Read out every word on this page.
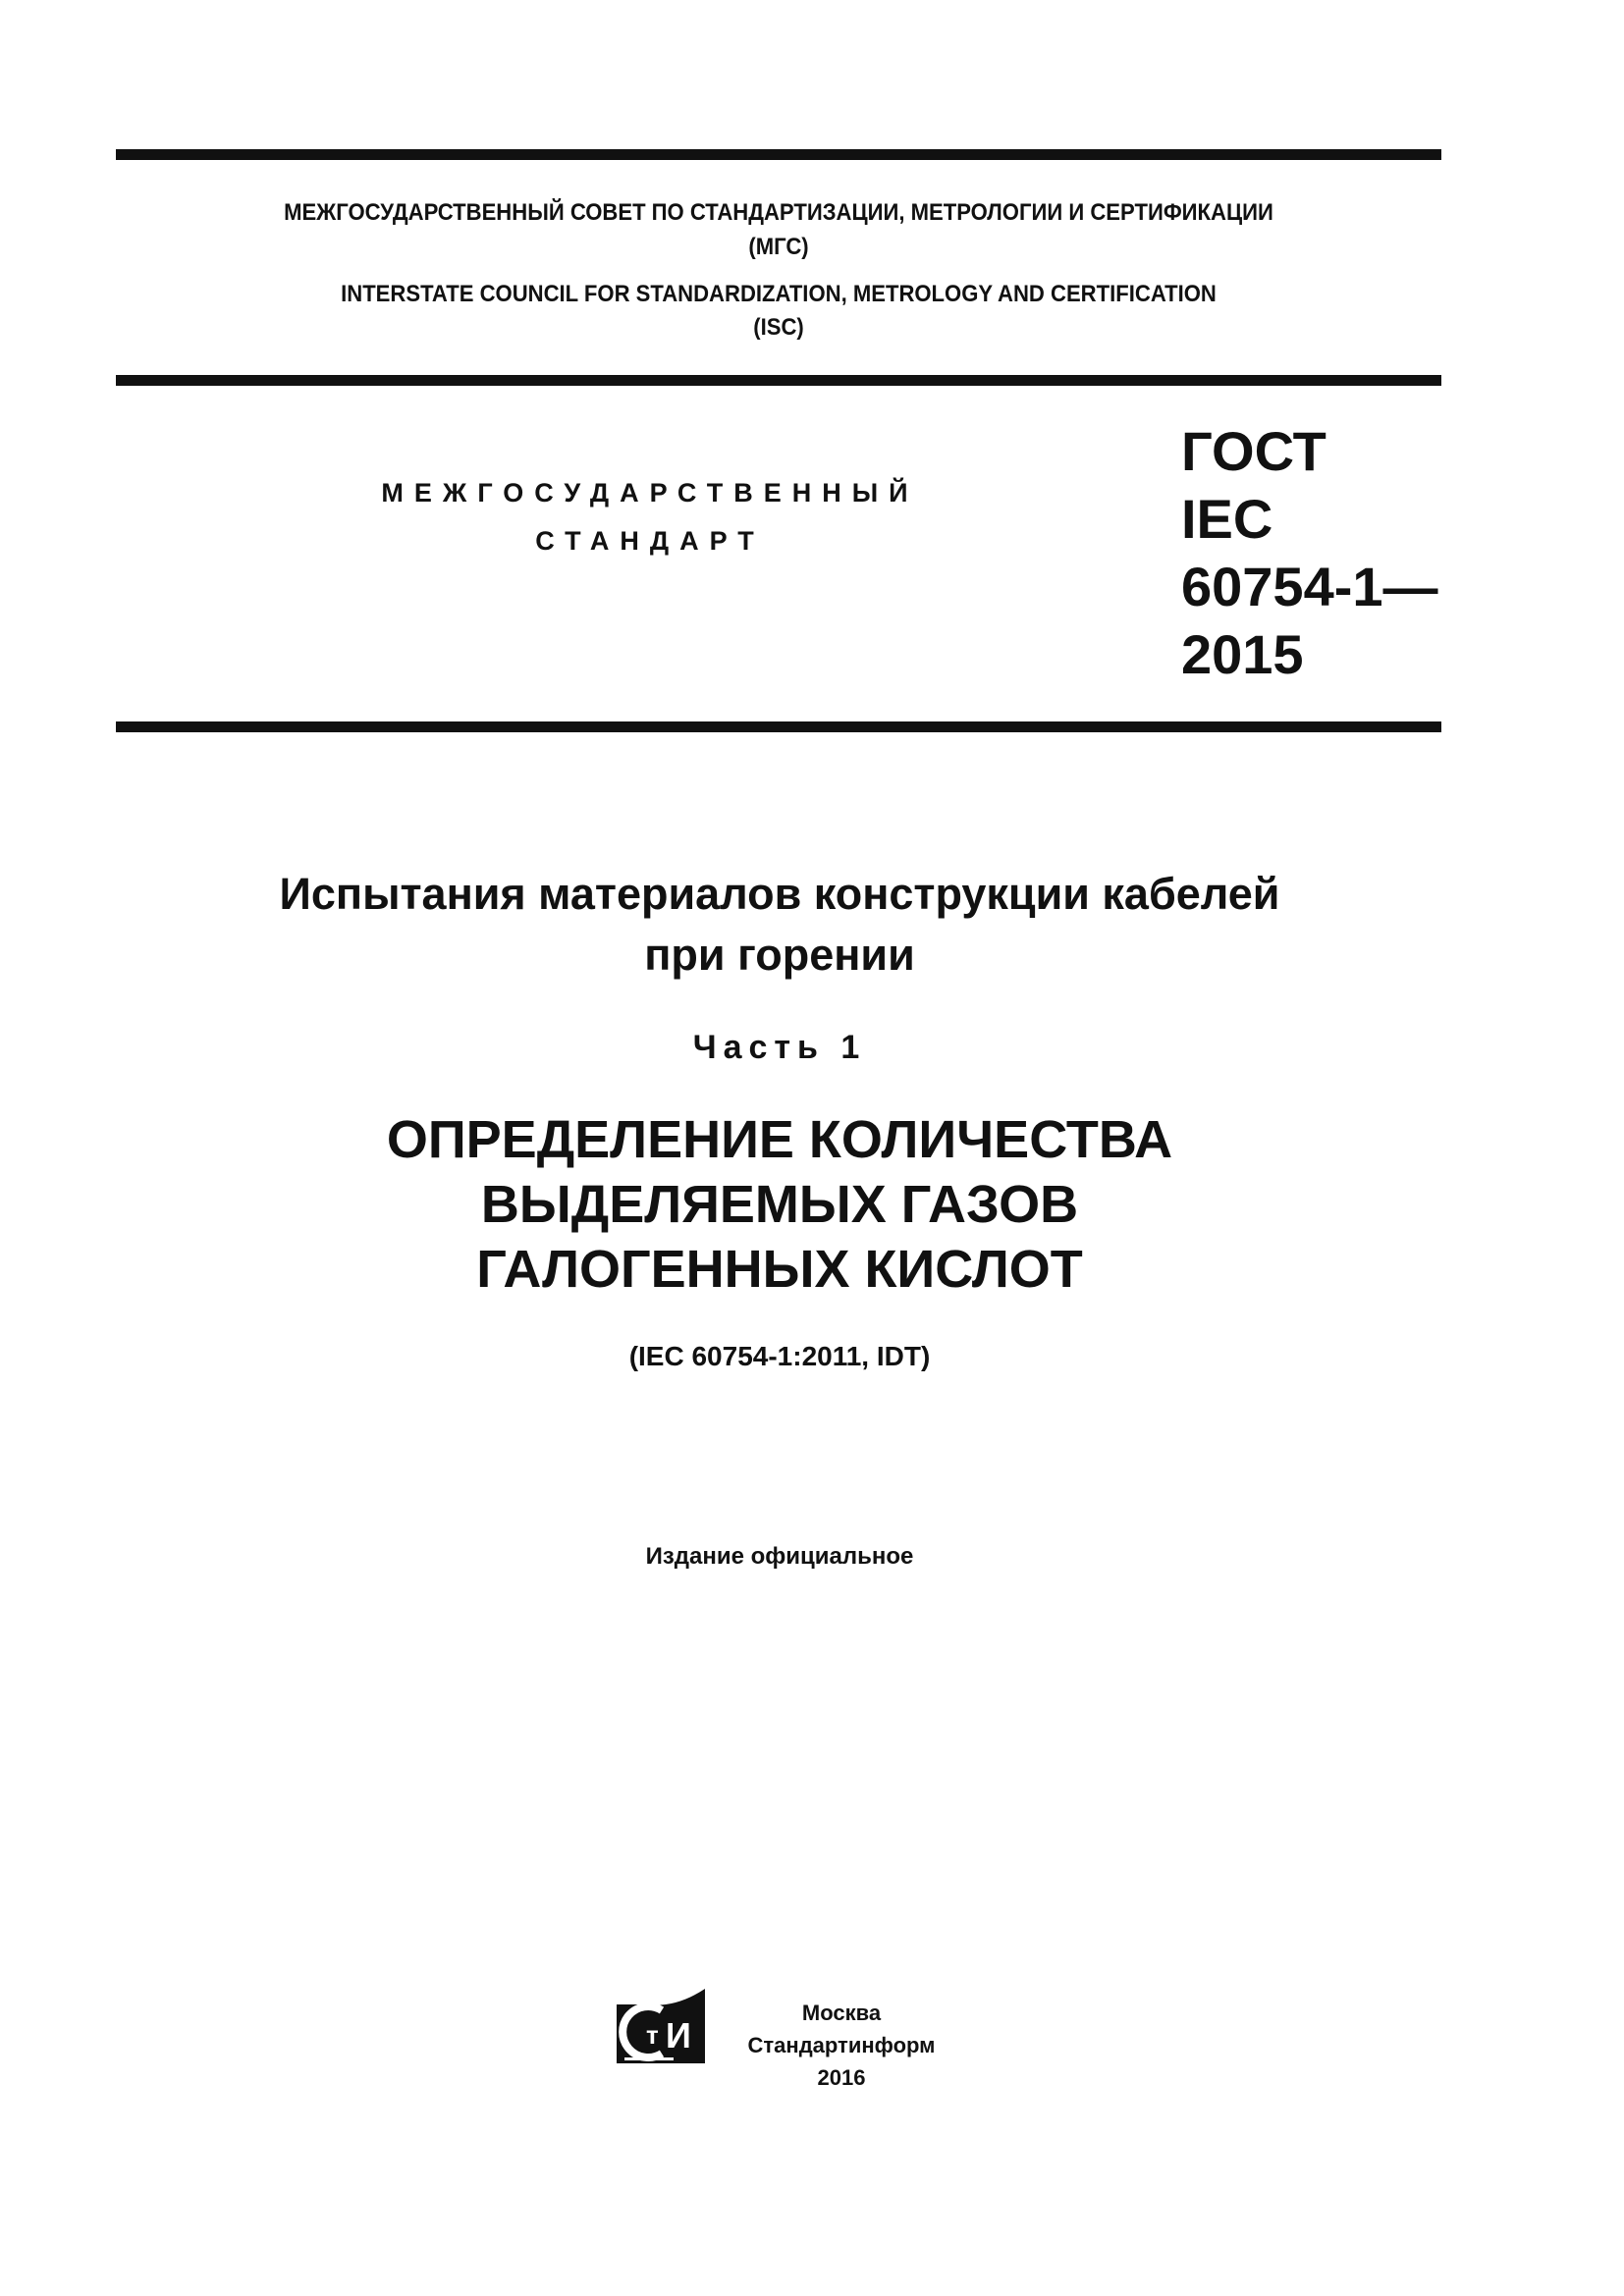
МЕЖГОСУДАРСТВЕННЫЙ СОВЕТ ПО СТАНДАРТИЗАЦИИ, МЕТРОЛОГИИ И СЕРТИФИКАЦИИ
(МГС)
INTERSTATE COUNCIL FOR STANDARDIZATION, METROLOGY AND CERTIFICATION
(ISC)
МЕЖГОСУДАРСТВЕННЫЙ
СТАНДАРТ
ГОСТ
IEC
60754-1—
2015
Испытания материалов конструкции кабелей
при горении
Часть 1
ОПРЕДЕЛЕНИЕ КОЛИЧЕСТВА
ВЫДЕЛЯЕМЫХ ГАЗОВ
ГАЛОГЕННЫХ КИСЛОТ
(IEC 60754-1:2011, IDT)
Издание официальное
т И
Москва
Стандартинформ
2016
